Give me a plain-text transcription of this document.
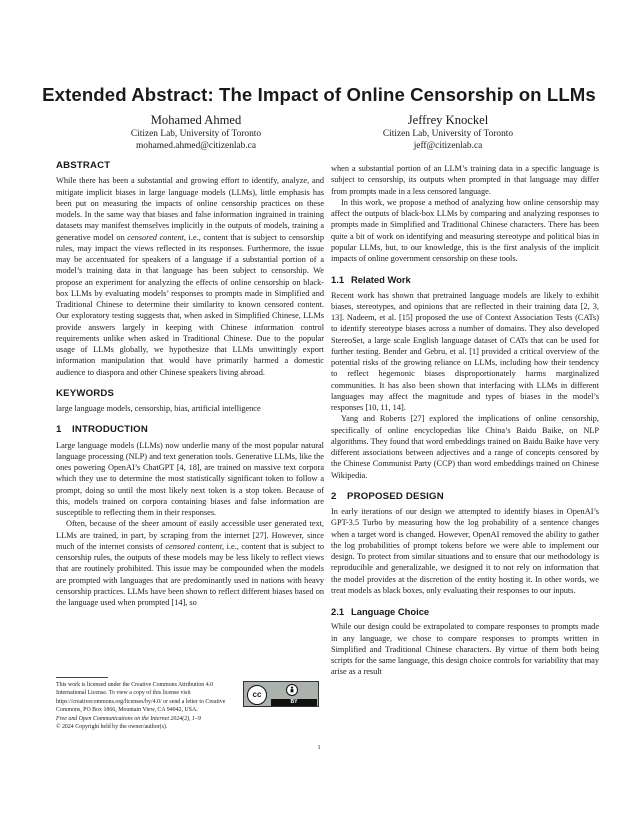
Extended Abstract: The Impact of Online Censorship on LLMs
Mohamed Ahmed
Citizen Lab, University of Toronto
mohamed.ahmed@citizenlab.ca
Jeffrey Knockel
Citizen Lab, University of Toronto
jeff@citizenlab.ca
ABSTRACT

While there has been a substantial and growing effort to identify, analyze, and mitigate implicit biases in large language models (LLMs), little emphasis has been put on measuring the impacts of online censorship practices on these models. In the same way that biases and false information ingrained in training datasets may manifest themselves implicitly in the outputs of models, training a generative model on censored content, i.e., content that is subject to censorship rules, may impact the views reflected in its responses. Furthermore, the issue may be accentuated for speakers of a language if a substantial portion of a model’s training data in that language has been subject to censorship. We propose an experiment for analyzing the effects of online censorship on black-box LLMs by evaluating models’ responses to prompts made in Simplified and Traditional Chinese to determine their similarity to known censored content. Our exploratory testing suggests that, when asked in Simplified Chinese, LLMs provide answers largely in keeping with Chinese information control requirements unlike when asked in Traditional Chinese. Due to the popular usage of LLMs globally, we hypothesize that LLMs unwittingly export information manipulation that would have primarily harmed a domestic audience to diaspora and other Chinese speakers living abroad.

KEYWORDS

large language models, censorship, bias, artificial intelligence

1 INTRODUCTION

Large language models (LLMs) now underlie many of the most popular natural language processing (NLP) and text generation tools. Generative LLMs, like the ones powering OpenAI’s ChatGPT [4, 18], are trained on massive text corpora which they use to determine the most statistically significant token to follow a prompt, doing so until the most likely next token is a stop token. Because of this, models trained on corpora containing biases and false information are susceptible to reflecting them in their responses.

Often, because of the sheer amount of easily accessible user generated text, LLMs are trained, in part, by scraping from the internet [27]. However, since much of the internet consists of censored content, i.e., content that is subject to censorship rules, the outputs of these models may be less likely to reflect views that are routinely prohibited. This issue may be compounded when the models are prompted with languages that are predominantly used in nations with heavy censorship practices. LLMs have been shown to reflect different biases based on the language used when prompted [14], so

This work is licensed under the Creative Commons Attribution 4.0 International License. To view a copy of this license visit https://creativecommons.org/licenses/by/4.0/ or send a letter to Creative Commons, PO Box 1866, Mountain View, CA 94042, USA.
Free and Open Communications on the Internet 2024(2), 1–9
© 2024 Copyright held by the owner/author(s).
cc
BY

when a substantial portion of an LLM’s training data in a specific language is subject to censorship, its outputs when prompted in that language may differ from prompts made in a less censored language.

In this work, we propose a method of analyzing how online censorship may affect the outputs of black-box LLMs by comparing and analyzing responses to prompts made in Simplified and Traditional Chinese characters. There has been quite a bit of work on identifying and measuring stereotype and political bias in popular LLMs, but, to our knowledge, this is the first analysis of the implicit impacts of online government censorship on these tools.

1.1 Related Work

Recent work has shown that pretrained language models are likely to exhibit biases, stereotypes, and opinions that are reflected in their training data [2, 3, 13]. Nadeem, et al. [15] proposed the use of Context Association Tests (CATs) to identify stereotype biases across a number of domains. They also developed StereoSet, a large scale English language dataset of CATs that can be used for further testing. Bender and Gebru, et al. [1] provided a critical overview of the potential risks of the growing reliance on LLMs, including how their tendency to reflect hegemonic biases disproportionately harms marginalized communities. It has also been shown that interfacing with LLMs in different languages may affect the magnitude and types of biases in the model’s responses [10, 11, 14].

Yang and Roberts [27] explored the implications of online censorship, specifically of online encyclopedias like China’s Baidu Baike, on NLP algorithms. They found that word embeddings trained on Baidu Baike have very different associations between adjectives and a range of concepts censored by the Chinese Communist Party (CCP) than word embeddings trained on Chinese Wikipedia.

2 PROPOSED DESIGN

In early iterations of our design we attempted to identify biases in OpenAI’s GPT-3.5 Turbo by measuring how the log probability of a sentence changes when a target word is changed. However, OpenAI removed the ability to gather the log probabilities of prompt tokens before we were able to implement our design. To protect from similar situations and to ensure that our methodology is reproducible and generalizable, we designed it to not rely on information that the model provides at the discretion of the entity hosting it. In other words, we treat models as black boxes, only evaluating their responses to our inputs.

2.1 Language Choice

While our design could be extrapolated to compare responses to prompts made in any language, we chose to compare responses to prompts written in Simplified and Traditional Chinese characters. By virtue of them both being scripts for the same language, this design choice controls for variability that may arise as a result

1
